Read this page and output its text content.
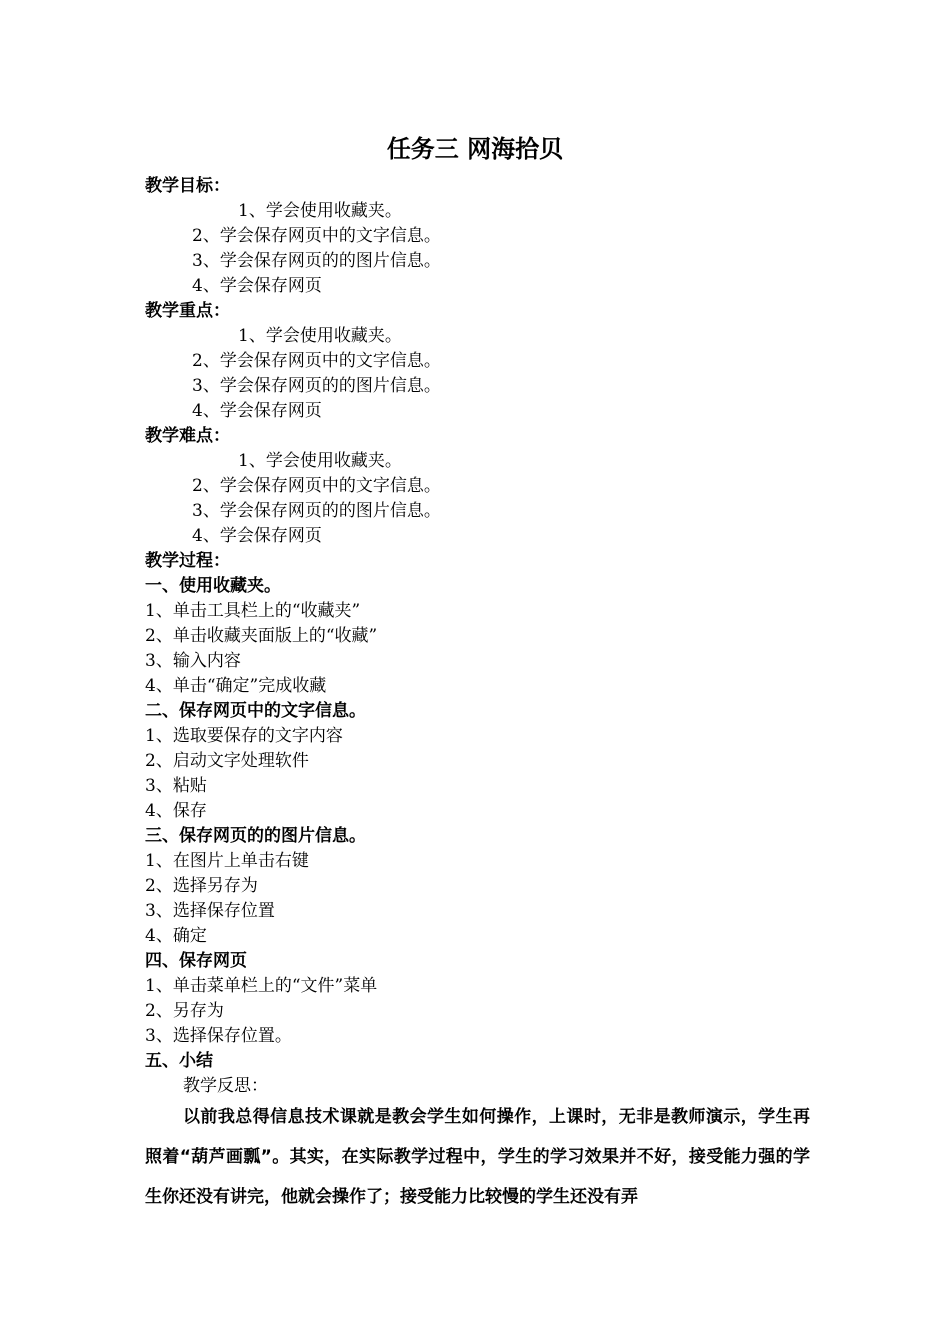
任务三 网海拾贝
教学目标：
1、学会使用收藏夹。
2、学会保存网页中的文字信息。
3、学会保存网页的的图片信息。
4、学会保存网页
教学重点：
1、学会使用收藏夹。
2、学会保存网页中的文字信息。
3、学会保存网页的的图片信息。
4、学会保存网页
教学难点：
1、学会使用收藏夹。
2、学会保存网页中的文字信息。
3、学会保存网页的的图片信息。
4、学会保存网页
教学过程：
一、使用收藏夹。
1、单击工具栏上的“收藏夹”
2、单击收藏夹面版上的“收藏”
3、输入内容
4、单击“确定”完成收藏
二、保存网页中的文字信息。
1、选取要保存的文字内容
2、启动文字处理软件
3、粘贴
4、保存
三、保存网页的的图片信息。
1、在图片上单击右键
2、选择另存为
3、选择保存位置
4、确定
四、保存网页
1、单击菜单栏上的“文件”菜单
2、另存为
3、选择保存位置。
五、小结
教学反思：
以前我总得信息技术课就是教会学生如何操作，上课时，无非是教师演示，学生再照着“葫芦画瓢”。其实，在实际教学过程中，学生的学习效果并不好，接受能力强的学生你还没有讲完，他就会操作了；接受能力比较慢的学生还没有弄
